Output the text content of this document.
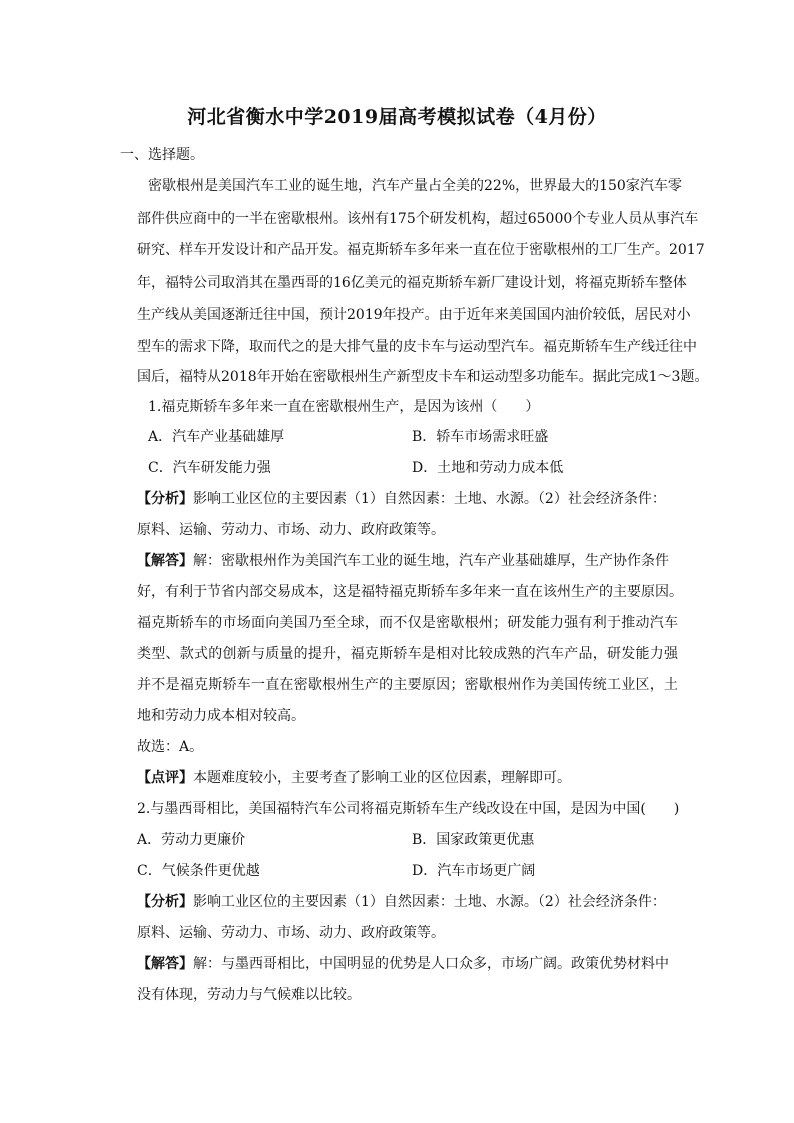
河北省衡水中学2019届高考模拟试卷（4月份）
一、选择题。
密歇根州是美国汽车工业的诞生地，汽车产量占全美的22%，世界最大的150家汽车零
部件供应商中的一半在密歇根州。该州有175个研发机构，超过65000个专业人员从事汽车
研究、样车开发设计和产品开发。福克斯轿车多年来一直在位于密歇根州的工厂生产。2017
年，福特公司取消其在墨西哥的16亿美元的福克斯轿车新厂建设计划，将福克斯轿车整体
生产线从美国逐渐迁往中国，预计2019年投产。由于近年来美国国内油价较低，居民对小
型车的需求下降，取而代之的是大排气量的皮卡车与运动型汽车。福克斯轿车生产线迁往中
国后，福特从2018年开始在密歇根州生产新型皮卡车和运动型多功能车。据此完成1～3题。
1.福克斯轿车多年来一直在密歇根州生产，是因为该州（　　）
A．汽车产业基础雄厚	B．轿车市场需求旺盛
C．汽车研发能力强	D．土地和劳动力成本低
【分析】影响工业区位的主要因素（1）自然因素：土地、水源。（2）社会经济条件：
原料、运输、劳动力、市场、动力、政府政策等。
【解答】解：密歇根州作为美国汽车工业的诞生地，汽车产业基础雄厚，生产协作条件
好，有利于节省内部交易成本，这是福特福克斯轿车多年来一直在该州生产的主要原因。
福克斯轿车的市场面向美国乃至全球，而不仅是密歇根州；研发能力强有利于推动汽车
类型、款式的创新与质量的提升，福克斯轿车是相对比较成熟的汽车产品，研发能力强
并不是福克斯轿车一直在密歇根州生产的主要原因；密歇根州作为美国传统工业区，土
地和劳动力成本相对较高。
故选：A。
【点评】本题难度较小，主要考查了影响工业的区位因素，理解即可。
2.与墨西哥相比，美国福特汽车公司将福克斯轿车生产线改设在中国，是因为中国(　　)
A．劳动力更廉价	B．国家政策更优惠
C．气候条件更优越	D．汽车市场更广阔
【分析】影响工业区位的主要因素（1）自然因素：土地、水源。（2）社会经济条件：
原料、运输、劳动力、市场、动力、政府政策等。
【解答】解：与墨西哥相比，中国明显的优势是人口众多，市场广阔。政策优势材料中
没有体现，劳动力与气候难以比较。
